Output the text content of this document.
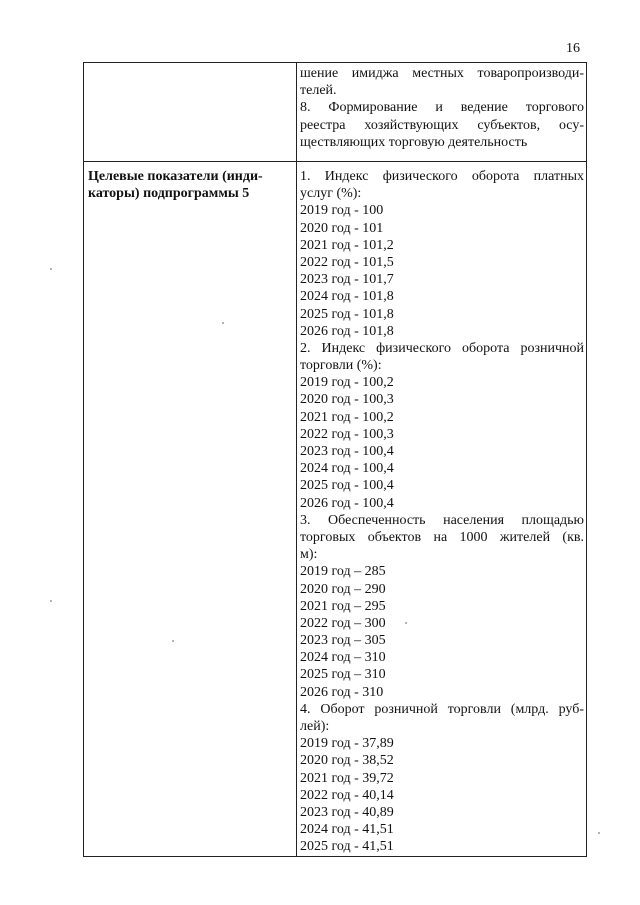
16
шение имиджа местных товаропроизводи-
телей.
8. Формирование и ведение торгового
реестра хозяйствующих субъектов, осу-
ществляющих торговую деятельность
Целевые показатели (инди-
каторы) подпрограммы 5
1. Индекс физического оборота платных
услуг (%):
2019 год - 100
2020 год - 101
2021 год - 101,2
2022 год - 101,5
2023 год - 101,7
2024 год - 101,8
2025 год - 101,8
2026 год - 101,8
2. Индекс физического оборота розничной
торговли (%):
2019 год - 100,2
2020 год - 100,3
2021 год - 100,2
2022 год - 100,3
2023 год - 100,4
2024 год - 100,4
2025 год - 100,4
2026 год - 100,4
3. Обеспеченность населения площадью
торговых объектов на 1000 жителей (кв.
м):
2019 год – 285
2020 год – 290
2021 год – 295
2022 год – 300
2023 год – 305
2024 год – 310
2025 год – 310
2026 год - 310
4. Оборот розничной торговли (млрд. руб-
лей):
2019 год - 37,89
2020 год - 38,52
2021 год - 39,72
2022 год - 40,14
2023 год - 40,89
2024 год - 41,51
2025 год - 41,51
